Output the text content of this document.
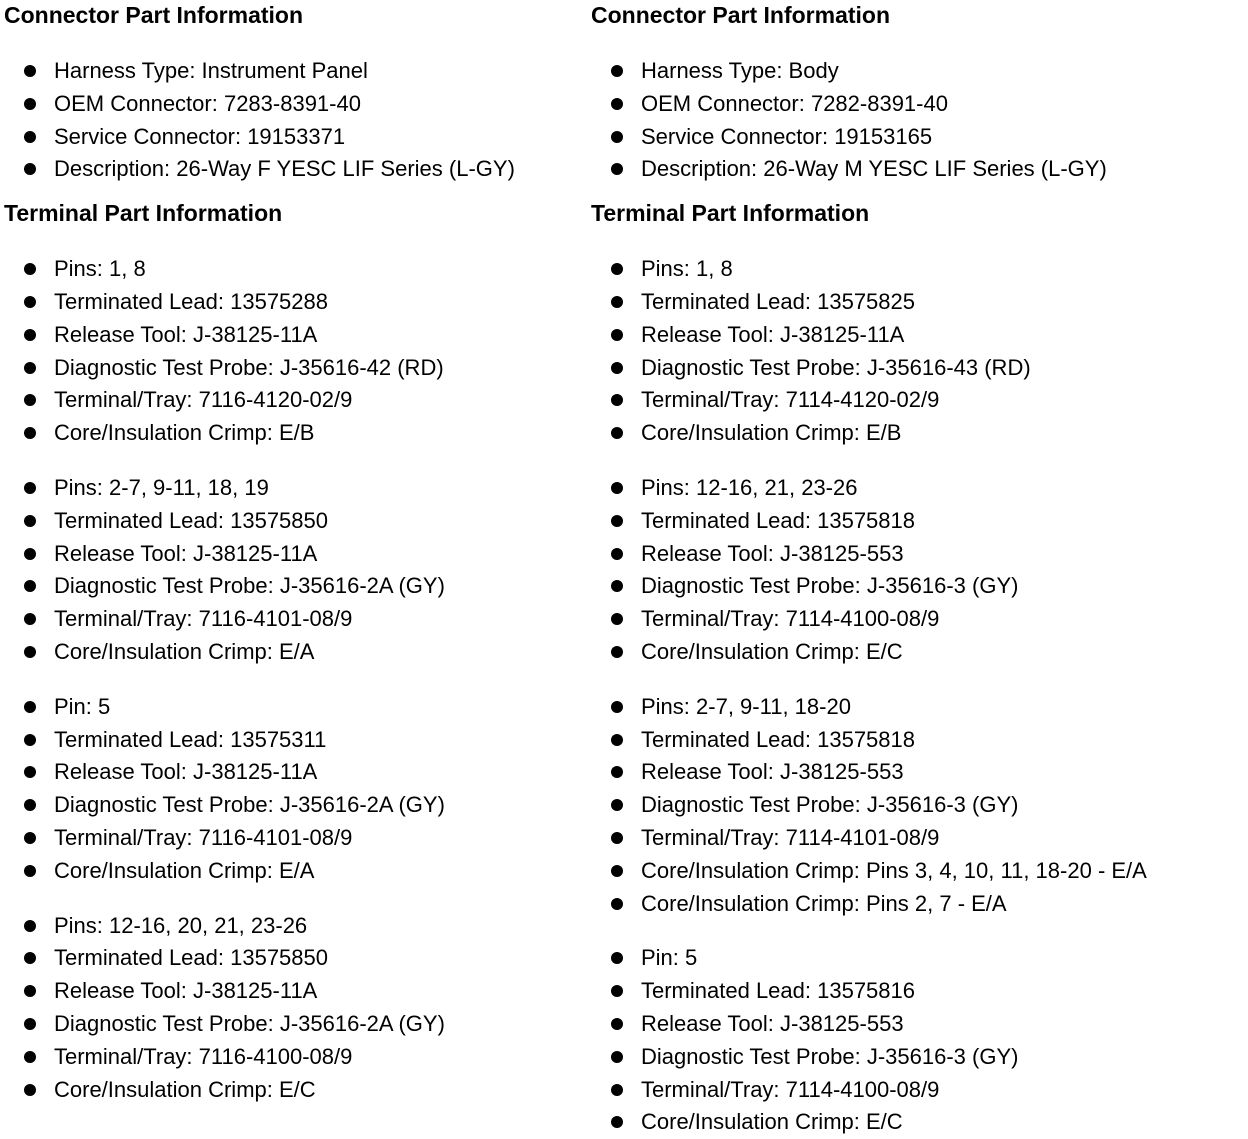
Connector Part Information
Harness Type: Instrument Panel
OEM Connector: 7283-8391-40
Service Connector: 19153371
Description: 26-Way F YESC LIF Series (L-GY)
Terminal Part Information
Pins: 1, 8
Terminated Lead: 13575288
Release Tool: J-38125-11A
Diagnostic Test Probe: J-35616-42 (RD)
Terminal/Tray: 7116-4120-02/9
Core/Insulation Crimp: E/B
Pins: 2-7, 9-11, 18, 19
Terminated Lead: 13575850
Release Tool: J-38125-11A
Diagnostic Test Probe: J-35616-2A (GY)
Terminal/Tray: 7116-4101-08/9
Core/Insulation Crimp: E/A
Pin: 5
Terminated Lead: 13575311
Release Tool: J-38125-11A
Diagnostic Test Probe: J-35616-2A (GY)
Terminal/Tray: 7116-4101-08/9
Core/Insulation Crimp: E/A
Pins: 12-16, 20, 21, 23-26
Terminated Lead: 13575850
Release Tool: J-38125-11A
Diagnostic Test Probe: J-35616-2A (GY)
Terminal/Tray: 7116-4100-08/9
Core/Insulation Crimp: E/C
Connector Part Information
Harness Type: Body
OEM Connector: 7282-8391-40
Service Connector: 19153165
Description: 26-Way M YESC LIF Series (L-GY)
Terminal Part Information
Pins: 1, 8
Terminated Lead: 13575825
Release Tool: J-38125-11A
Diagnostic Test Probe: J-35616-43 (RD)
Terminal/Tray: 7114-4120-02/9
Core/Insulation Crimp: E/B
Pins: 12-16, 21, 23-26
Terminated Lead: 13575818
Release Tool: J-38125-553
Diagnostic Test Probe: J-35616-3 (GY)
Terminal/Tray: 7114-4100-08/9
Core/Insulation Crimp: E/C
Pins: 2-7, 9-11, 18-20
Terminated Lead: 13575818
Release Tool: J-38125-553
Diagnostic Test Probe: J-35616-3 (GY)
Terminal/Tray: 7114-4101-08/9
Core/Insulation Crimp: Pins 3, 4, 10, 11, 18-20 - E/A
Core/Insulation Crimp: Pins 2, 7 - E/A
Pin: 5
Terminated Lead: 13575816
Release Tool: J-38125-553
Diagnostic Test Probe: J-35616-3 (GY)
Terminal/Tray: 7114-4100-08/9
Core/Insulation Crimp: E/C
